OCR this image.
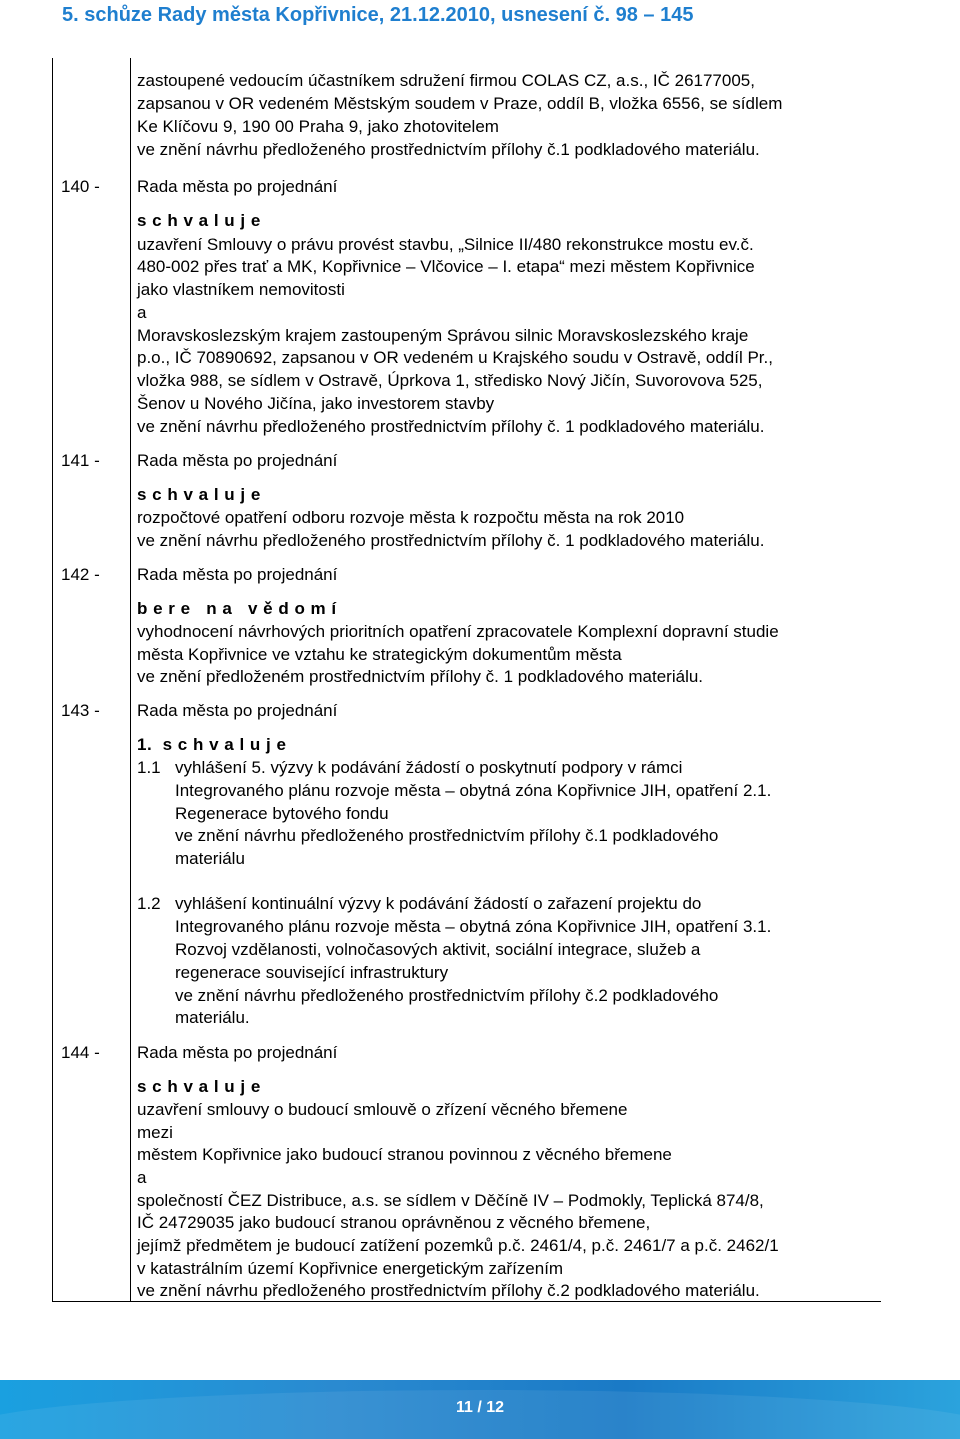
5. schůze Rady města Kopřivnice, 21.12.2010, usnesení č. 98 – 145
zastoupené vedoucím účastníkem sdružení firmou COLAS CZ, a.s., IČ 26177005,
zapsanou v OR vedeném Městským soudem v Praze, oddíl B, vložka 6556, se sídlem
Ke Klíčovu 9, 190 00 Praha 9, jako zhotovitelem
ve znění návrhu předloženého prostřednictvím přílohy č.1 podkladového materiálu.
140 - Rada města po projednání
s c h v a l u j e
uzavření Smlouvy o právu provést stavbu, „Silnice II/480 rekonstrukce mostu ev.č.
480-002 přes trať a MK, Kopřivnice – Vlčovice – I. etapa“ mezi městem Kopřivnice
jako vlastníkem nemovitosti
a
Moravskoslezským krajem zastoupeným Správou silnic Moravskoslezského kraje
p.o., IČ 70890692, zapsanou v OR vedeném u Krajského soudu v Ostravě, oddíl Pr.,
vložka 988, se sídlem v Ostravě, Úprkova 1, středisko Nový Jičín, Suvorovova 525,
Šenov u Nového Jičína, jako investorem stavby
ve znění návrhu předloženého prostřednictvím přílohy č. 1 podkladového materiálu.
141 - Rada města po projednání
s c h v a l u j e
rozpočtové opatření odboru rozvoje města k rozpočtu města na rok 2010
ve znění návrhu předloženého prostřednictvím přílohy č. 1 podkladového materiálu.
142 - Rada města po projednání
b e r e   n a   v ě d o m í
vyhodnocení návrhových prioritních opatření zpracovatele Komplexní dopravní studie
města Kopřivnice ve vztahu ke strategickým dokumentům města
ve znění předloženém prostřednictvím přílohy č. 1 podkladového materiálu.
143 - Rada města po projednání
1.  s c h v a l u j e
1.1 vyhlášení 5. výzvy k podávání žádostí o poskytnutí podpory v rámci
Integrovaného plánu rozvoje města – obytná zóna Kopřivnice JIH, opatření 2.1.
Regenerace bytového fondu
ve znění návrhu předloženého prostřednictvím přílohy č.1 podkladového
materiálu
1.2 vyhlášení kontinuální výzvy k podávání žádostí o zařazení projektu do
Integrovaného plánu rozvoje města – obytná zóna Kopřivnice JIH, opatření 3.1.
Rozvoj vzdělanosti, volnočasových aktivit, sociální integrace, služeb a
regenerace související infrastruktury
ve znění návrhu předloženého prostřednictvím přílohy č.2 podkladového
materiálu.
144 - Rada města po projednání
s c h v a l u j e
uzavření smlouvy o budoucí smlouvě o zřízení věcného břemene
mezi
městem Kopřivnice jako budoucí stranou povinnou z věcného břemene
a
společností ČEZ Distribuce, a.s. se sídlem v Děčíně IV – Podmokly, Teplická 874/8,
IČ 24729035 jako budoucí stranou oprávněnou z věcného břemene,
jejímž předmětem je budoucí zatížení pozemků p.č. 2461/4, p.č. 2461/7 a p.č. 2462/1
v katastrálním území Kopřivnice energetickým zařízením
ve znění návrhu předloženého prostřednictvím přílohy č.2 podkladového materiálu.
11 / 12
